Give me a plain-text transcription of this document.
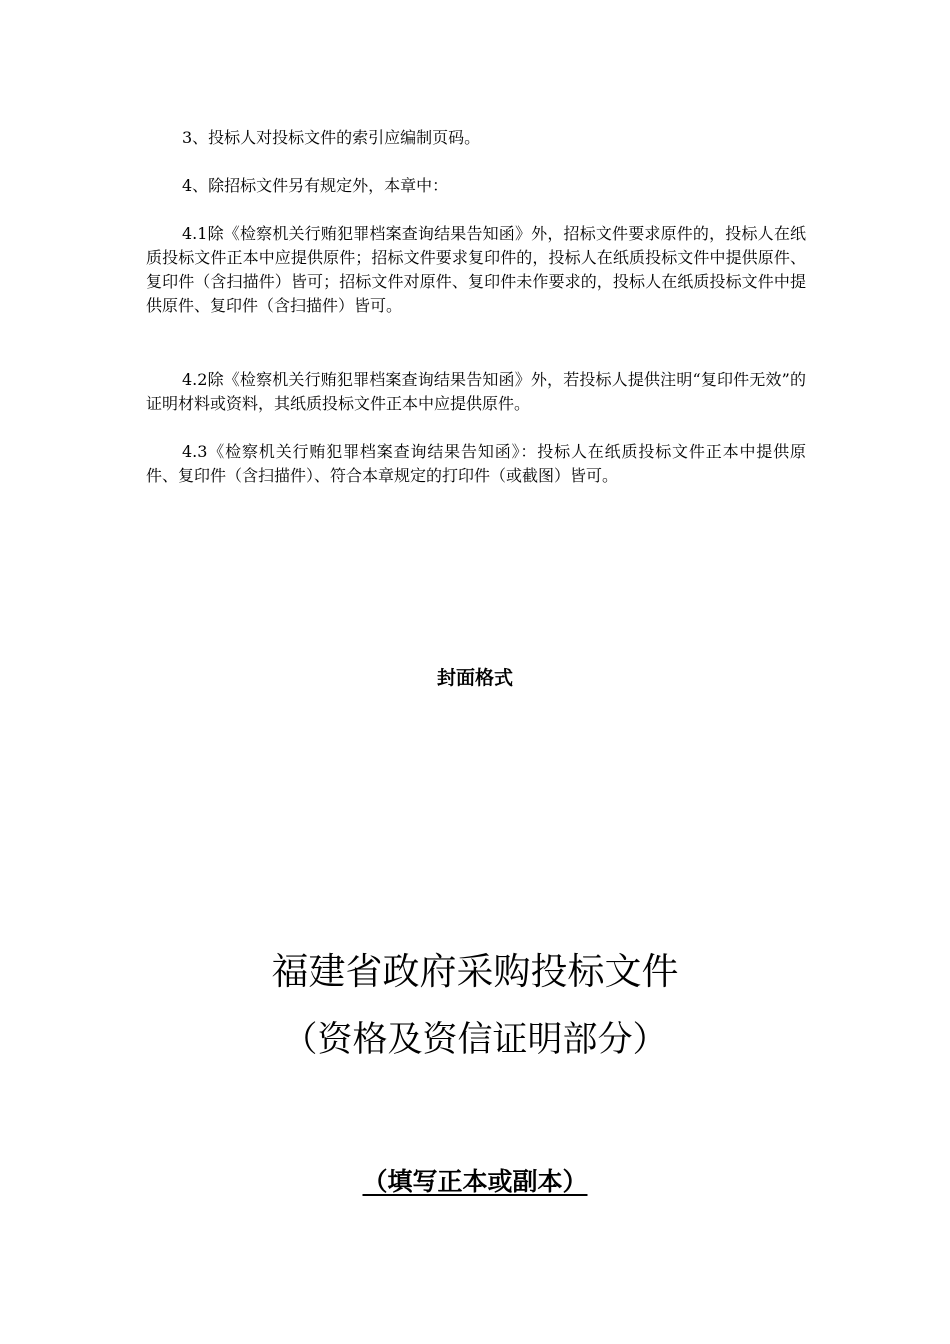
3、投标人对投标文件的索引应编制页码。

4、除招标文件另有规定外，本章中：

4.1除《检察机关行贿犯罪档案查询结果告知函》外，招标文件要求原件的，投标人在纸质投标文件正本中应提供原件；招标文件要求复印件的，投标人在纸质投标文件中提供原件、复印件（含扫描件）皆可；招标文件对原件、复印件未作要求的，投标人在纸质投标文件中提供原件、复印件（含扫描件）皆可。

4.2除《检察机关行贿犯罪档案查询结果告知函》外，若投标人提供注明“复印件无效”的证明材料或资料，其纸质投标文件正本中应提供原件。

4.3《检察机关行贿犯罪档案查询结果告知函》：投标人在纸质投标文件正本中提供原件、复印件（含扫描件）、符合本章规定的打印件（或截图）皆可。

封面格式
福建省政府采购投标文件
（资格及资信证明部分）
（填写正本或副本）
